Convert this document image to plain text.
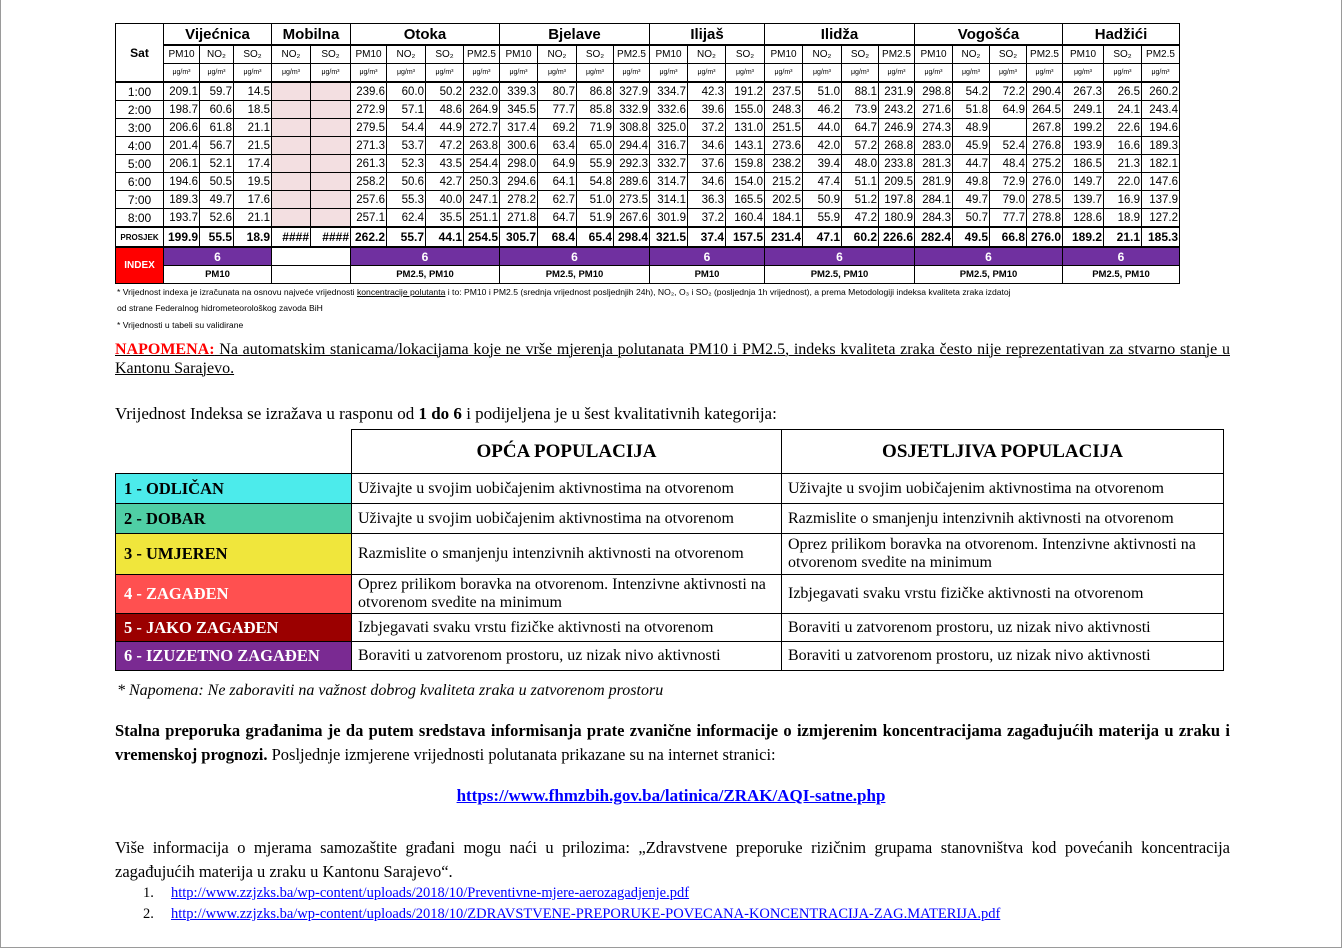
Sat	Vijećnica			Mobilna		Otoka				Bjelave				Ilijaš			Ilidža				Vogošća				Hadžići		
	PM10	NO₂	SO₂	NO₂	SO₂	PM10	NO₂	SO₂	PM2.5	PM10	NO₂	SO₂	PM2.5	PM10	NO₂	SO₂	PM10	NO₂	SO₂	PM2.5	PM10	NO₂	SO₂	PM2.5	PM10	SO₂	PM2.5
	μg/m³	μg/m³	μg/m³	μg/m³	μg/m³	μg/m³	μg/m³	μg/m³	μg/m³	μg/m³	μg/m³	μg/m³	μg/m³	μg/m³	μg/m³	μg/m³	μg/m³	μg/m³	μg/m³	μg/m³	μg/m³	μg/m³	μg/m³	μg/m³	μg/m³	μg/m³	μg/m³
1:00	209.1	59.7	14.5			239.6	60.0	50.2	232.0	339.3	80.7	86.8	327.9	334.7	42.3	191.2	237.5	51.0	88.1	231.9	298.8	54.2	72.2	290.4	267.3	26.5	260.2
2:00	198.7	60.6	18.5			272.9	57.1	48.6	264.9	345.5	77.7	85.8	332.9	332.6	39.6	155.0	248.3	46.2	73.9	243.2	271.6	51.8	64.9	264.5	249.1	24.1	243.4
3:00	206.6	61.8	21.1			279.5	54.4	44.9	272.7	317.4	69.2	71.9	308.8	325.0	37.2	131.0	251.5	44.0	64.7	246.9	274.3	48.9		267.8	199.2	22.6	194.6
4:00	201.4	56.7	21.5			271.3	53.7	47.2	263.8	300.6	63.4	65.0	294.4	316.7	34.6	143.1	273.6	42.0	57.2	268.8	283.0	45.9	52.4	276.8	193.9	16.6	189.3
5:00	206.1	52.1	17.4			261.3	52.3	43.5	254.4	298.0	64.9	55.9	292.3	332.7	37.6	159.8	238.2	39.4	48.0	233.8	281.3	44.7	48.4	275.2	186.5	21.3	182.1
6:00	194.6	50.5	19.5			258.2	50.6	42.7	250.3	294.6	64.1	54.8	289.6	314.7	34.6	154.0	215.2	47.4	51.1	209.5	281.9	49.8	72.9	276.0	149.7	22.0	147.6
7:00	189.3	49.7	17.6			257.6	55.3	40.0	247.1	278.2	62.7	51.0	273.5	314.1	36.3	165.5	202.5	50.9	51.2	197.8	284.1	49.7	79.0	278.5	139.7	16.9	137.9
8:00	193.7	52.6	21.1			257.1	62.4	35.5	251.1	271.8	64.7	51.9	267.6	301.9	37.2	160.4	184.1	55.9	47.2	180.9	284.3	50.7	77.7	278.8	128.6	18.9	127.2
PROSJEK	199.9	55.5	18.9	####	####	262.2	55.7	44.1	254.5	305.7	68.4	65.4	298.4	321.5	37.4	157.5	231.4	47.1	60.2	226.6	282.4	49.5	66.8	276.0	189.2	21.1	185.3
INDEX	6					6				6				6			6				6				6		
	PM10					PM2.5, PM10				PM2.5, PM10				PM10			PM2.5, PM10				PM2.5, PM10				PM2.5, PM10		
* Vrijednost indexa je izračunata na osnovu najveće vrijednosti koncentracije polutanta i to: PM10 i PM2.5 (srednja vrijednost posljednjih 24h), NO₂, O₃ i SO₂ (posljednja 1h vrijednost), a prema Metodologiji indeksa kvaliteta zraka izdatoj
od strane Federalnog hidrometeorološkog zavoda BiH
* Vrijednosti u tabeli su validirane
NAPOMENA: Na automatskim stanicama/lokacijama koje ne vrše mjerenja polutanata PM10 i PM2.5, indeks kvaliteta zraka često nije reprezentativan za stvarno stanje u Kantonu Sarajevo.
Vrijednost Indeksa se izražava u rasponu od 1 do 6 i podijeljena je u šest kvalitativnih kategorija:
	OPĆA POPULACIJA	OSJETLJIVA POPULACIJA
1 - ODLIČAN	Uživajte u svojim uobičajenim aktivnostima na otvorenom	Uživajte u svojim uobičajenim aktivnostima na otvorenom
2 - DOBAR	Uživajte u svojim uobičajenim aktivnostima na otvorenom	Razmislite o smanjenju intenzivnih aktivnosti na otvorenom
3 - UMJEREN	Razmislite o smanjenju intenzivnih aktivnosti na otvorenom	Oprez prilikom boravka na otvorenom. Intenzivne aktivnosti na otvorenom svedite na minimum
4 - ZAGAĐEN	Oprez prilikom boravka na otvorenom. Intenzivne aktivnosti na otvorenom svedite na minimum	Izbjegavati svaku vrstu fizičke aktivnosti na otvorenom
5 - JAKO ZAGAĐEN	Izbjegavati svaku vrstu fizičke aktivnosti na otvorenom	Boraviti u zatvorenom prostoru, uz nizak nivo aktivnosti
6 - IZUZETNO ZAGAĐEN	Boraviti u zatvorenom prostoru, uz nizak nivo aktivnosti	Boraviti u zatvorenom prostoru, uz nizak nivo aktivnosti
* Napomena: Ne zaboraviti na važnost dobrog kvaliteta zraka u zatvorenom prostoru
Stalna preporuka građanima je da putem sredstava informisanja prate zvanične informacije o izmjerenim koncentracijama zagađujućih materija u zraku i vremenskoj prognozi. Posljednje izmjerene vrijednosti polutanata prikazane su na internet stranici:
https://www.fhmzbih.gov.ba/latinica/ZRAK/AQI-satne.php
Više informacija o mjerama samozaštite građani mogu naći u prilozima: „Zdravstvene preporuke rizičnim grupama stanovništva kod povećanih koncentracija zagađujućih materija u zraku u Kantonu Sarajevo“.
1. http://www.zzjzks.ba/wp-content/uploads/2018/10/Preventivne-mjere-aerozagadjenje.pdf
2. http://www.zzjzks.ba/wp-content/uploads/2018/10/ZDRAVSTVENE-PREPORUKE-POVECANA-KONCENTRACIJA-ZAG.MATERIJA.pdf
